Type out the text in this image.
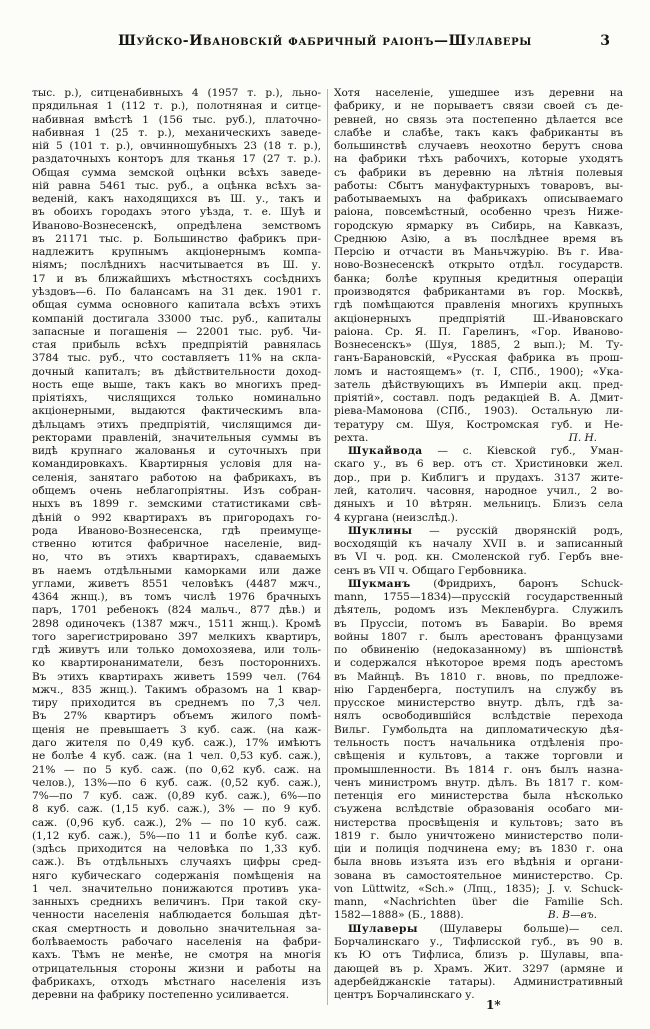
Шуйско-Ивановскій фабричный раіонъ—Шулаверы	3
тыс. р.), ситценабивныхъ 4 (1957 т. р.), льно-
прядильная 1 (112 т. р.), полотняная и ситце-
набивная вмѣстѣ 1 (156 тыс. руб.), платочно-
набивная 1 (25 т. р.), механическихъ заведе-
ній 5 (101 т. р.), овчинношубныхъ 23 (18 т. р.),
раздаточныхъ конторъ для тканья 17 (27 т. р.).
Общая сумма земской оцѣнки всѣхъ заведе-
ній равна 5461 тыс. руб., а оцѣнка всѣхъ за-
веденій, какъ находящихся въ Ш. у., такъ и
въ обоихъ городахъ этого уѣзда, т. е. Шуѣ и
Иваново-Вознесенскѣ, опредѣлена земствомъ
въ 21171 тыс. р. Большинство фабрикъ при-
надлежитъ крупнымъ акціонернымъ компа-
ніямъ; послѣднихъ насчитывается въ Ш. у.
17 и въ ближайшихъ мѣстностяхъ сосѣднихъ
уѣздовъ—6. По балансамъ на 31 дек. 1901 г.
общая сумма основного капитала всѣхъ этихъ
компаній достигала 33000 тыс. руб., капиталы
запасные и погашенія — 22001 тыс. руб. Чи-
стая прибыль всѣхъ предпріятій равнялась
3784 тыс. руб., что составляетъ 11% на скла-
дочный капиталъ; въ дѣйствительности доход-
ность еще выше, такъ какъ во многихъ пред-
пріятіяхъ, числящихся только номинально
акціонерными, выдаются фактическимъ вла-
дѣльцамъ этихъ предпріятій, числящимся ди-
ректорами правленій, значительныя суммы въ
видѣ крупнаго жалованья и суточныхъ при
командировкахъ. Квартирныя условія для на-
селенія, занятаго работою на фабрикахъ, въ
общемъ очень неблагопріятны. Изъ собран-
ныхъ въ 1899 г. земскими статистиками свѣ-
дѣній о 992 квартирахъ въ пригородахъ го-
рода Иваново-Вознесенска, гдѣ преимуще-
ственно ютится фабричное населеніе, вид-
но, что въ этихъ квартирахъ, сдаваемыхъ
въ наемъ отдѣльными каморками или даже
углами, живетъ 8551 человѣкъ (4487 мжч.,
4364 жнщ.), въ томъ числѣ 1976 брачныхъ
паръ, 1701 ребенокъ (824 мальч., 877 дѣв.) и
2898 одиночекъ (1387 мжч., 1511 жнщ.). Кромѣ
того зарегистрировано 397 мелкихъ квартиръ,
гдѣ живутъ или только домохозяева, или толь-
ко квартиронаниматели, безъ постороннихъ.
Въ этихъ квартирахъ живетъ 1599 чел. (764
мжч., 835 жнщ.). Такимъ образомъ на 1 квар-
тиру приходится въ среднемъ по 7,3 чел.
Въ 27% квартиръ объемъ жилого помѣ-
щенія не превышаетъ 3 куб. саж. (на каж-
даго жителя по 0,49 куб. саж.), 17% имѣютъ
не болѣе 4 куб. саж. (на 1 чел. 0,53 куб. саж.),
21% — по 5 куб. саж. (по 0,62 куб. саж. на
челов.), 13%—по 6 куб. саж. (0,52 куб. саж.),
7%—по 7 куб. саж. (0,89 куб. саж.), 6%—по
8 куб. саж. (1,15 куб. саж.), 3% — по 9 куб.
саж. (0,96 куб. саж.), 2% — по 10 куб. саж.
(1,12 куб. саж.), 5%—по 11 и болѣе куб. саж.
(здѣсь приходится на человѣка по 1,33 куб.
саж.). Въ отдѣльныхъ случаяхъ цифры сред-
няго кубическаго содержанія помѣщенія на
1 чел. значительно понижаются противъ ука-
занныхъ среднихъ величинъ. При такой ску-
ченности населенія наблюдается большая дѣт-
ская смертность и довольно значительная за-
болѣваемость рабочаго населенія на фабри-
кахъ. Тѣмъ не менѣе, не смотря на многія
отрицательныя стороны жизни и работы на
фабрикахъ, отходъ мѣстнаго населенія изъ
деревни на фабрику постепенно усиливается.
Хотя населеніе, ушедшее изъ деревни на
фабрику, и не порываетъ связи своей съ де-
ревней, но связь эта постепенно дѣлается все
слабѣе и слабѣе, такъ какъ фабриканты въ
большинствѣ случаевъ неохотно берутъ снова
на фабрики тѣхъ рабочихъ, которые уходятъ
съ фабрики въ деревню на лѣтнія полевыя
работы: Сбытъ мануфактурныхъ товаровъ, вы-
работываемыхъ на фабрикахъ описываемаго
раіона, повсемѣстный, особенно чрезъ Ниже-
городскую ярмарку въ Сибирь, на Кавказъ,
Среднюю Азію, а въ послѣднее время въ
Персію и отчасти въ Маньчжурію. Въ г. Ива-
ново-Вознесенскѣ открыто отдѣл. государств.
банка; болѣе крупныя кредитныя операціи
производятся фабрикантами въ гор. Москвѣ,
гдѣ помѣщаются правленія многихъ крупныхъ
акціонерныхъ предпріятій Ш.-Ивановскаго
раіона. Ср. Я. П. Гарелинъ, «Гор. Иваново-
Вознесенскъ» (Шуя, 1885, 2 вып.); М. Ту-
ганъ-Барановскій, «Русская фабрика въ прош-
ломъ и настоящемъ» (т. I, СПб., 1900); «Ука-
затель дѣйствующихъ въ Имперіи акц. пред-
пріятій», составл. подъ редакціей В. А. Дмит-
ріева-Мамонова (СПб., 1903). Остальную ли-
тературу см. Шуя, Костромская губ. и Не-
рехта.	П. Н.
Шукайвода — с. Кіевской губ., Уман-
скаго у., въ 6 вер. отъ ст. Христиновки жел.
дор., при р. Киблигъ и прудахъ. 3137 жите-
лей, католич. часовня, народное учил., 2 во-
дяныхъ и 10 вѣтрян. мельницъ. Близъ села
4 кургана (неизслѣд.).
Шуклины — русскій дворянскій родъ,
восходящій къ началу XVII в. и записанный
въ VI ч. род. кн. Смоленской губ. Гербъ вне-
сенъ въ VII ч. Общаго Гербовника.
Шукманъ (Фридрихъ, баронъ Schuck-
mann, 1755—1834)—прусскій государственный
дѣятель, родомъ изъ Мекленбурга. Служилъ
въ Пруссіи, потомъ въ Баваріи. Во время
войны 1807 г. былъ арестованъ французами
по обвиненію (недоказанному) въ шпіонствѣ
и содержался нѣкоторое время подъ арестомъ
въ Майнцѣ. Въ 1810 г. вновь, по предложе-
нію Гарденберга, поступилъ на службу въ
прусское министерство внутр. дѣлъ, гдѣ за-
нялъ освободившійся вслѣдствіе перехода
Вильг. Гумбольдта на дипломатическую дѣя-
тельность постъ начальника отдѣленія про-
свѣщенія и культовъ, а также торговли и
промышленности. Въ 1814 г. онъ былъ назна-
ченъ министромъ внутр. дѣлъ. Въ 1817 г. ком-
петенція его министерства была нѣсколько
съужена вслѣдствіе образованія особаго ми-
нистерства просвѣщенія и культовъ; зато въ
1819 г. было уничтожено министерство поли-
ціи и полиція подчинена ему; въ 1830 г. она
была вновь изъята изъ его вѣдѣнія и органи-
зована въ самостоятельное министерство. Ср.
von Lüttwitz, «Sch.» (Лпц., 1835); J. v. Schuck-
mann, «Nachrichten über die Familie Sch.
1582—1888» (Б., 1888).	В. В—въ.
Шулаверы (Шулаверы больше)— сел.
Борчалинскаго у., Тифлисской губ., въ 90 в.
къ Ю отъ Тифлиса, близъ р. Шулавы, впа-
дающей въ р. Храмъ. Жит. 3297 (армяне и
адербейджанскіе татары). Административный
центръ Борчалинскаго у.
1*
